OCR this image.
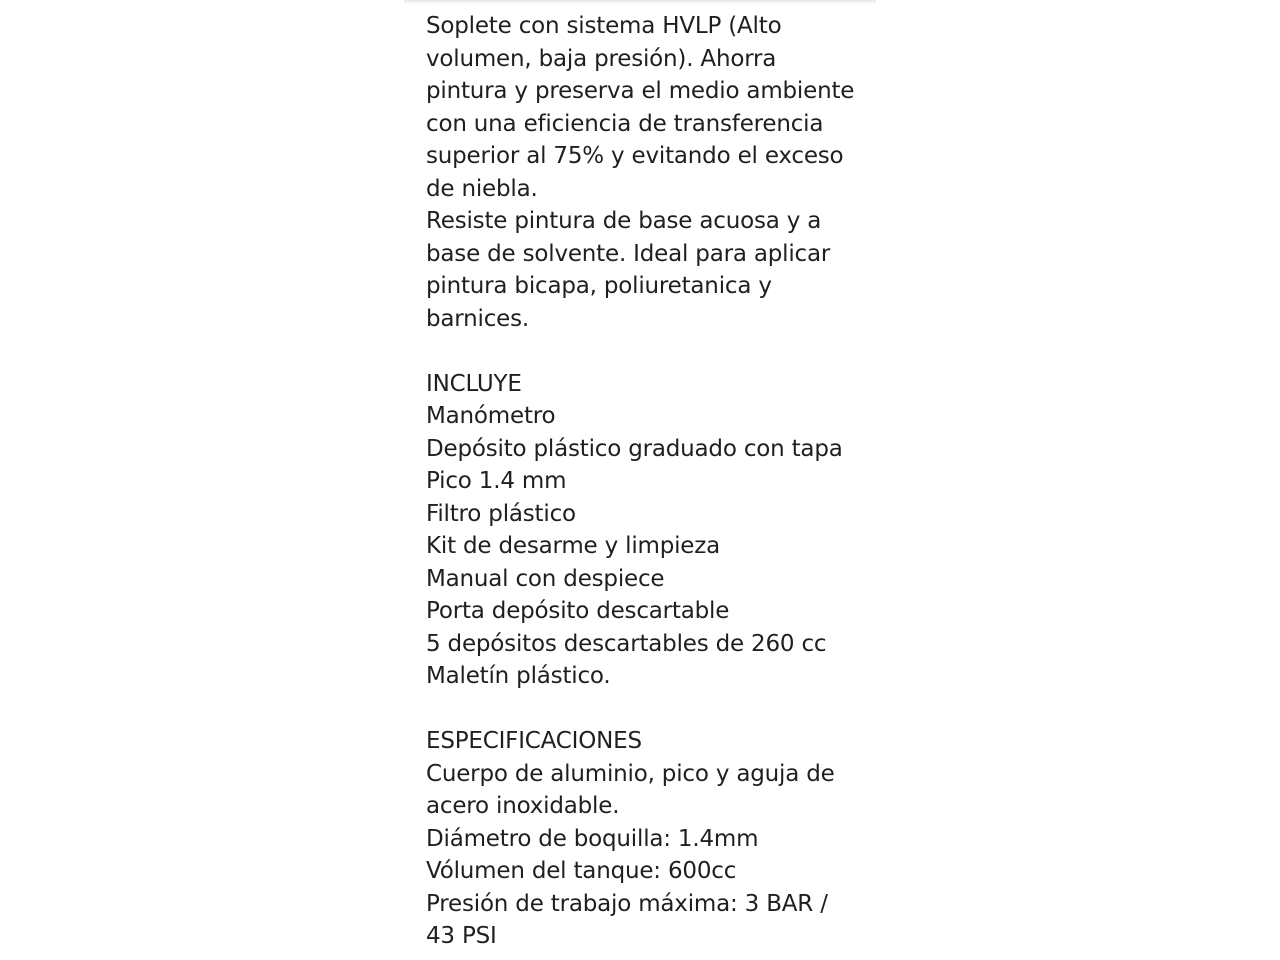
Soplete con sistema HVLP (Alto
volumen, baja presión). Ahorra
pintura y preserva el medio ambiente
con una eficiencia de transferencia
superior al 75% y evitando el exceso
de niebla.
Resiste pintura de base acuosa y a
base de solvente. Ideal para aplicar
pintura bicapa, poliuretanica y
barnices.
INCLUYE
Manómetro
Depósito plástico graduado con tapa
Pico 1.4 mm
Filtro plástico
Kit de desarme y limpieza
Manual con despiece
Porta depósito descartable
5 depósitos descartables de 260 cc
Maletín plástico.
ESPECIFICACIONES
Cuerpo de aluminio, pico y aguja de
acero inoxidable.
Diámetro de boquilla: 1.4mm
Vólumen del tanque: 600cc
Presión de trabajo máxima: 3 BAR /
43 PSI
